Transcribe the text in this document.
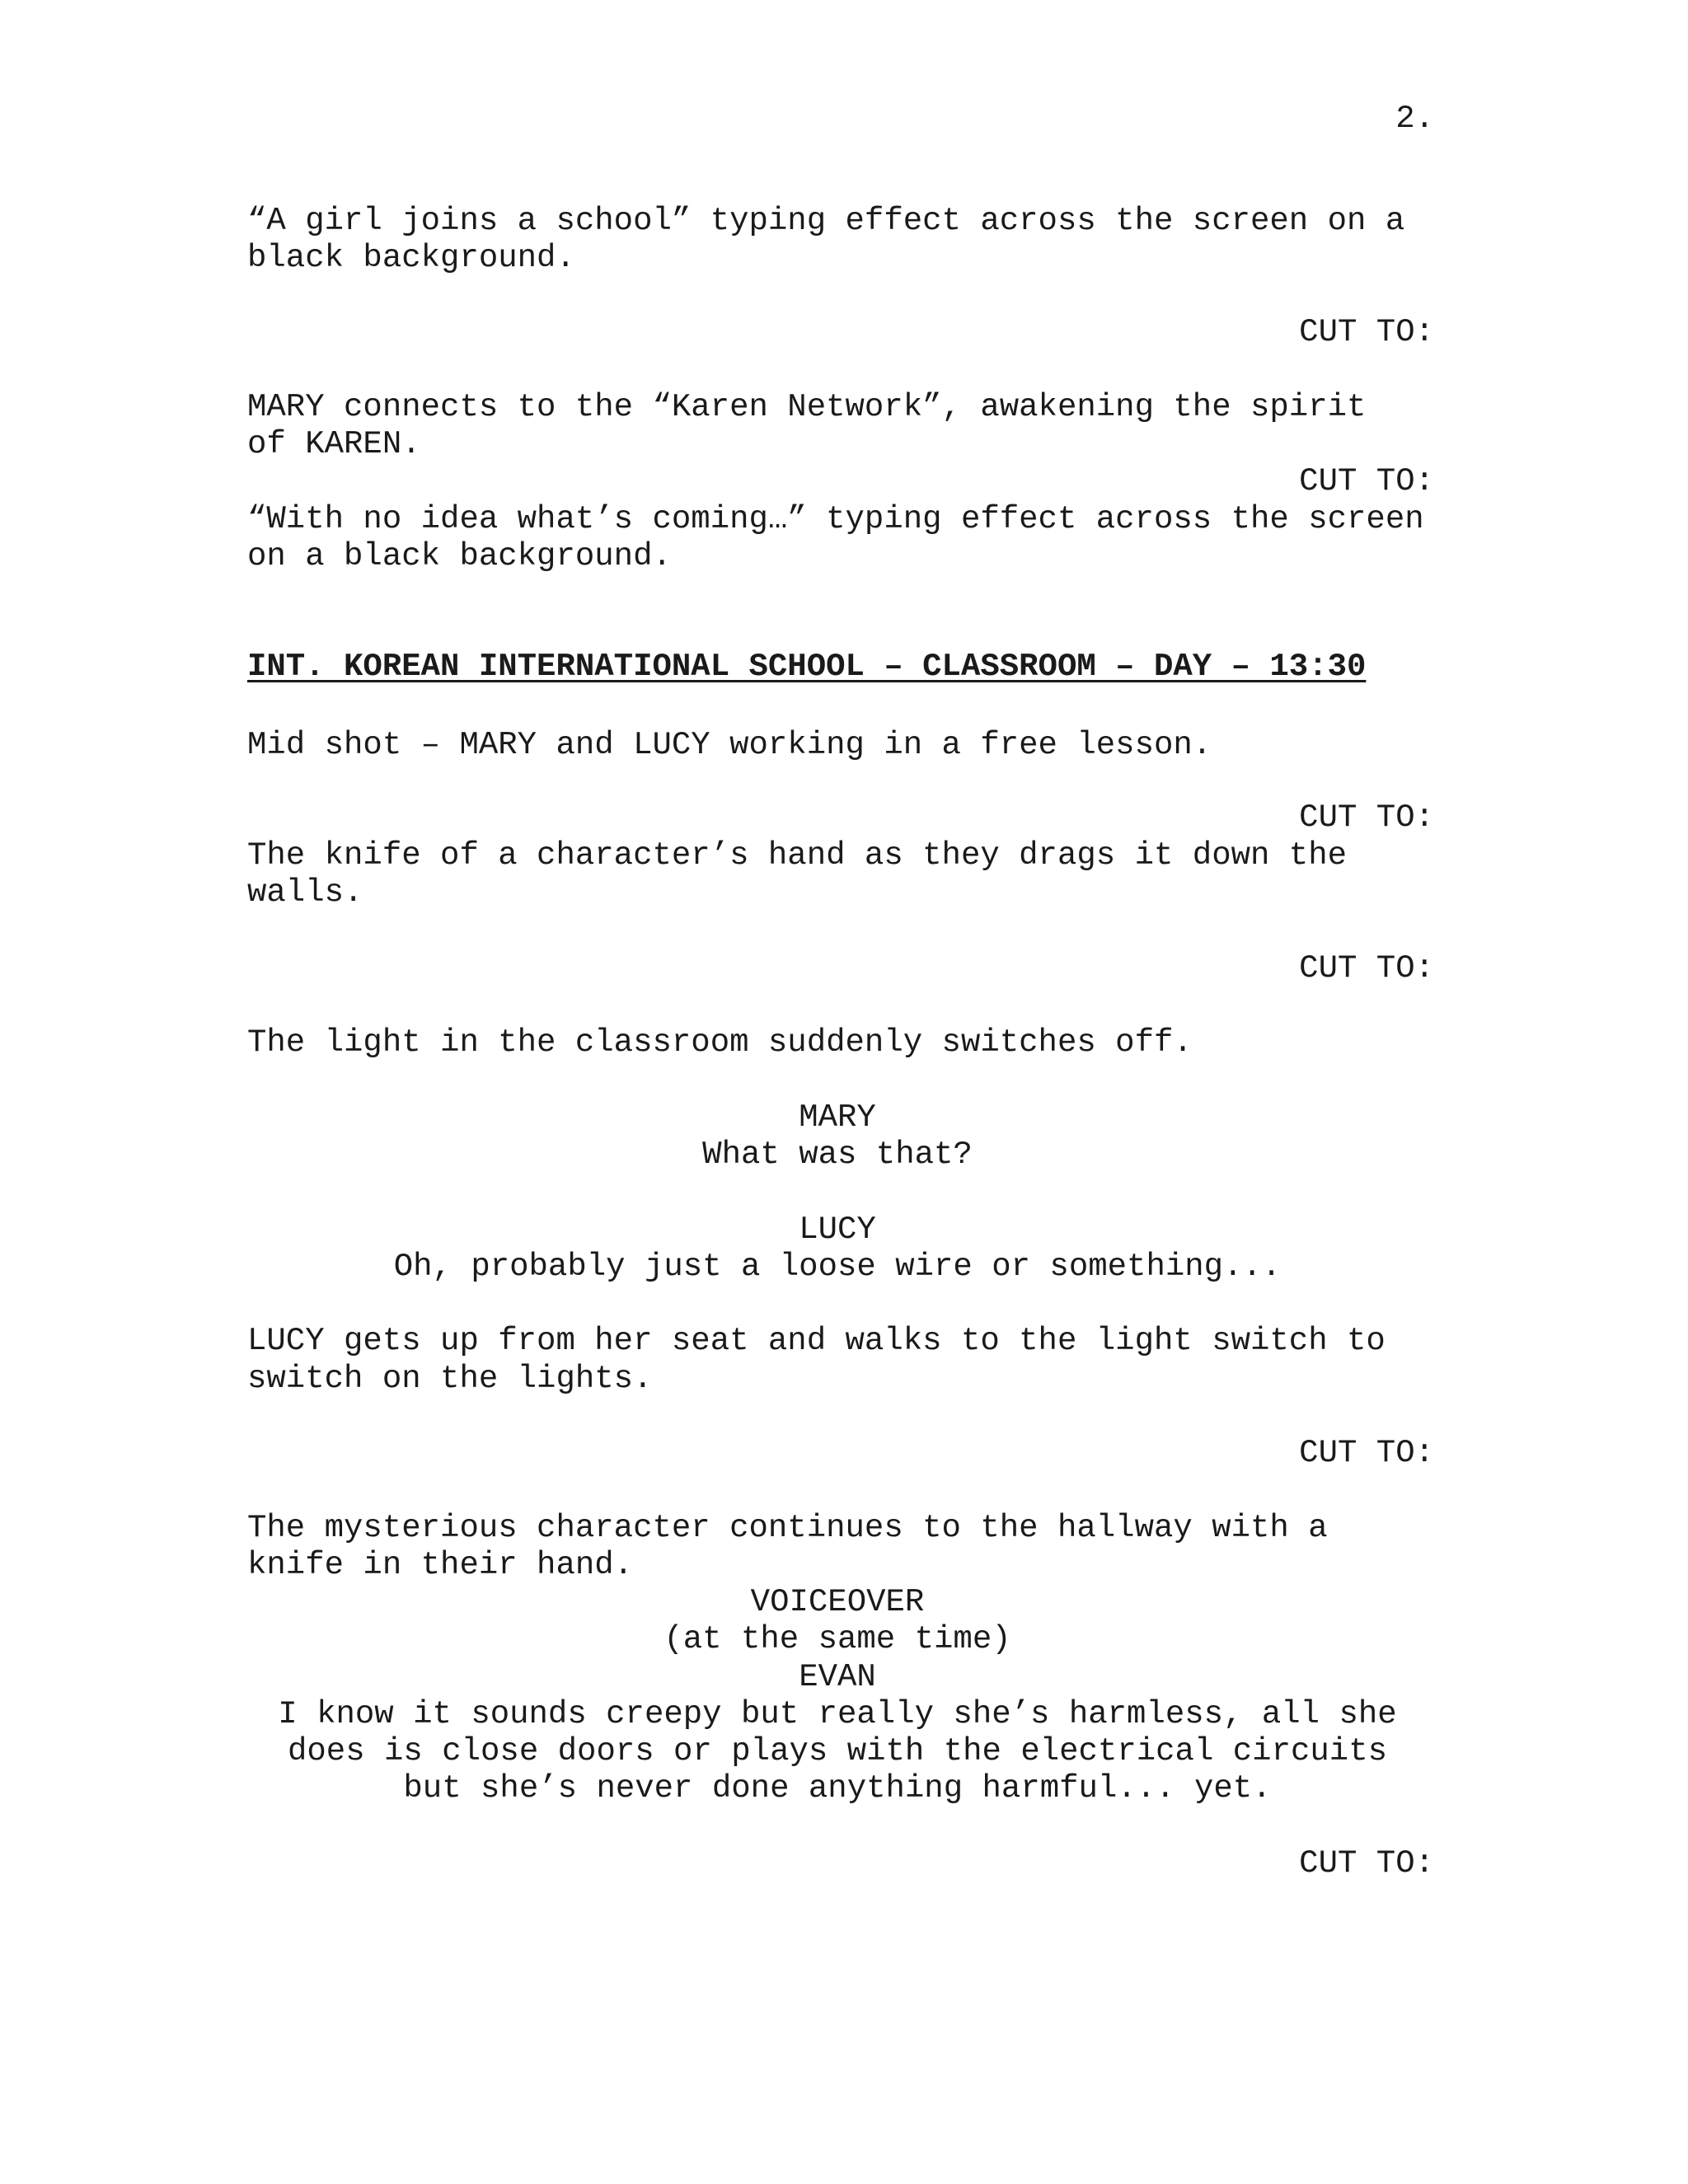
2.

“A girl joins a school” typing effect across the screen on a

black background.

CUT TO:

MARY connects to the “Karen Network”, awakening the spirit

of KAREN.

CUT TO:

“With no idea what’s coming…” typing effect across the screen

on a black background.

INT. KOREAN INTERNATIONAL SCHOOL – CLASSROOM – DAY – 13:30

Mid shot – MARY and LUCY working in a free lesson.

CUT TO:

The knife of a character’s hand as they drags it down the

walls.

CUT TO:

The light in the classroom suddenly switches off.

MARY

What was that?

LUCY

Oh, probably just a loose wire or something...

LUCY gets up from her seat and walks to the light switch to

switch on the lights.

CUT TO:

The mysterious character continues to the hallway with a

knife in their hand.

VOICEOVER

(at the same time)

EVAN

I know it sounds creepy but really she’s harmless, all she

does is close doors or plays with the electrical circuits

but she’s never done anything harmful... yet.

CUT TO:
